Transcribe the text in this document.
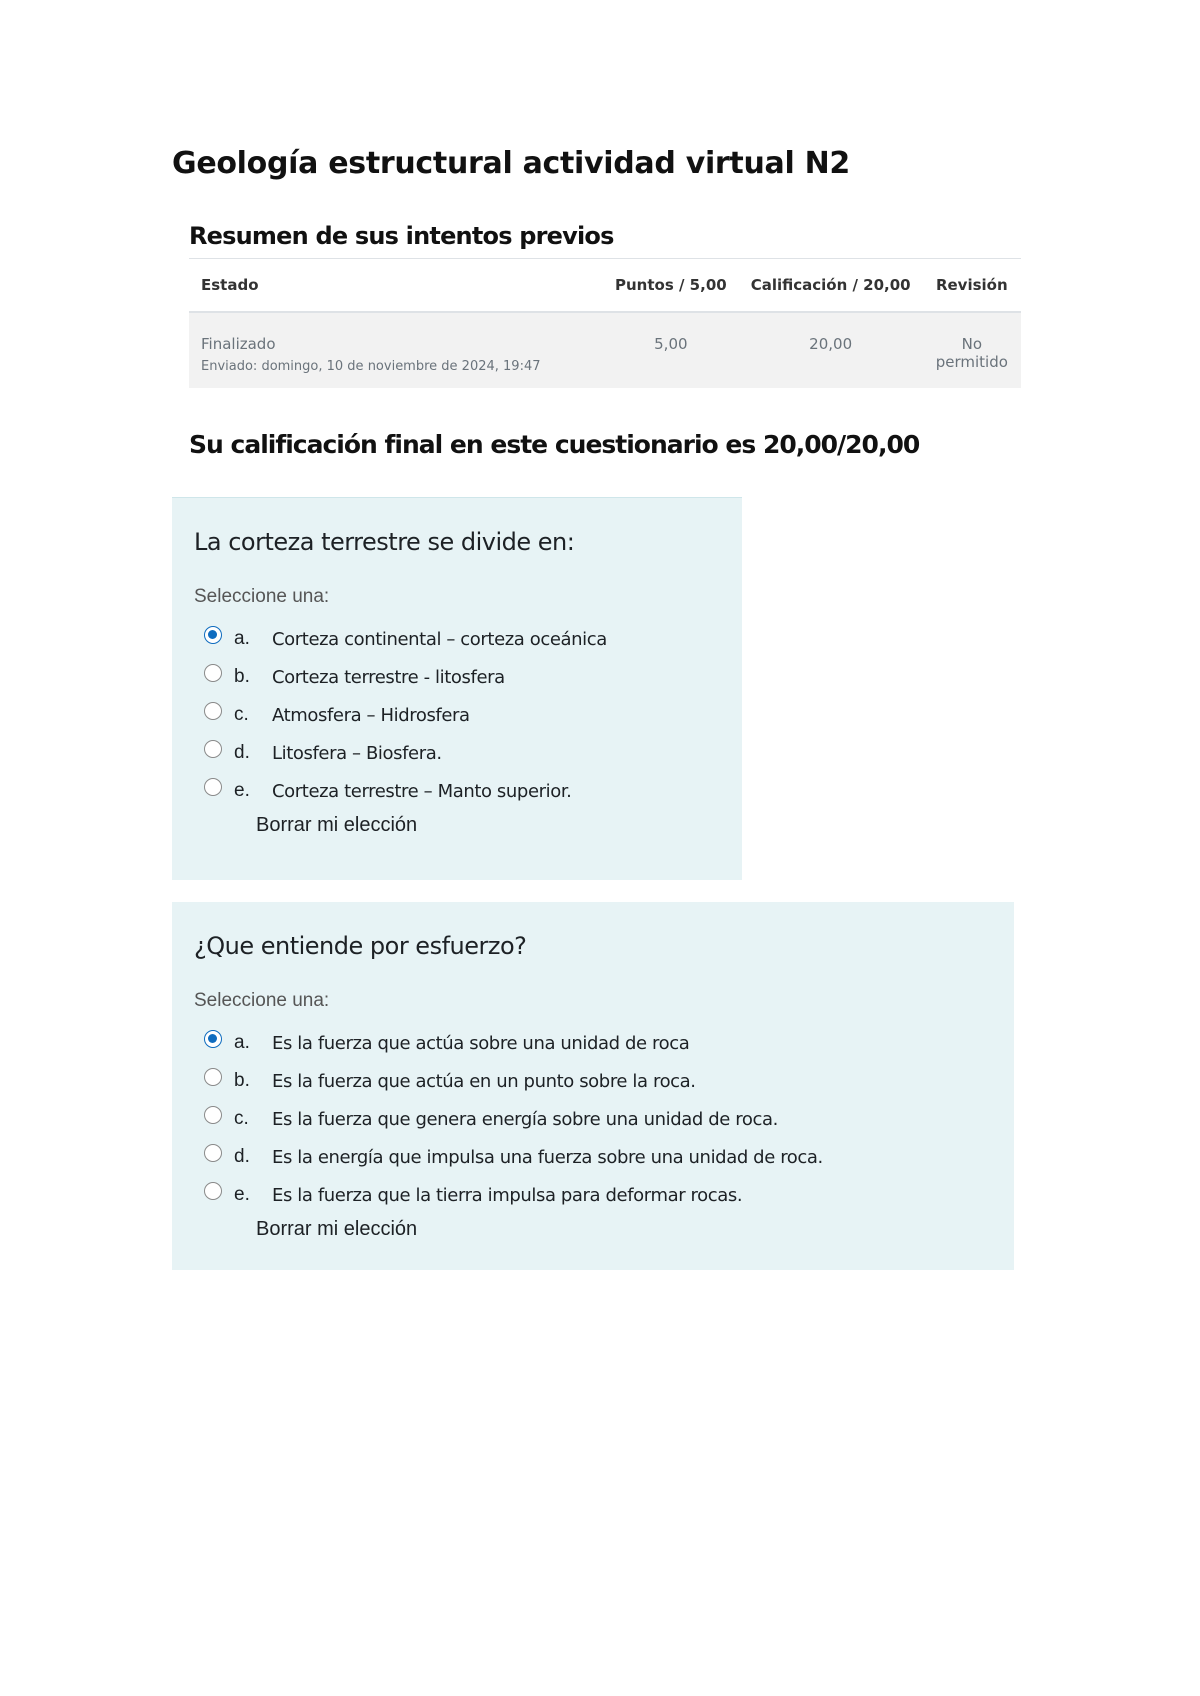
Geología estructural actividad virtual N2
Resumen de sus intentos previos
Estado	Puntos / 5,00	Calificación / 20,00	Revisión
Finalizado
Enviado: domingo, 10 de noviembre de 2024, 19:47	5,00	20,00	No permitido
Su calificación final en este cuestionario es 20,00/20,00

La corteza terrestre se divide en:

Seleccione una:
a.	Corteza continental – corteza oceánica
b.	Corteza terrestre - litosfera
c.	Atmosfera – Hidrosfera
d.	Litosfera – Biosfera.
e.	Corteza terrestre – Manto superior.
Borrar mi elección

¿Que entiende por esfuerzo?

Seleccione una:
a.	Es la fuerza que actúa sobre una unidad de roca
b.	Es la fuerza que actúa en un punto sobre la roca.
c.	Es la fuerza que genera energía sobre una unidad de roca.
d.	Es la energía que impulsa una fuerza sobre una unidad de roca.
e.	Es la fuerza que la tierra impulsa para deformar rocas.
Borrar mi elección
